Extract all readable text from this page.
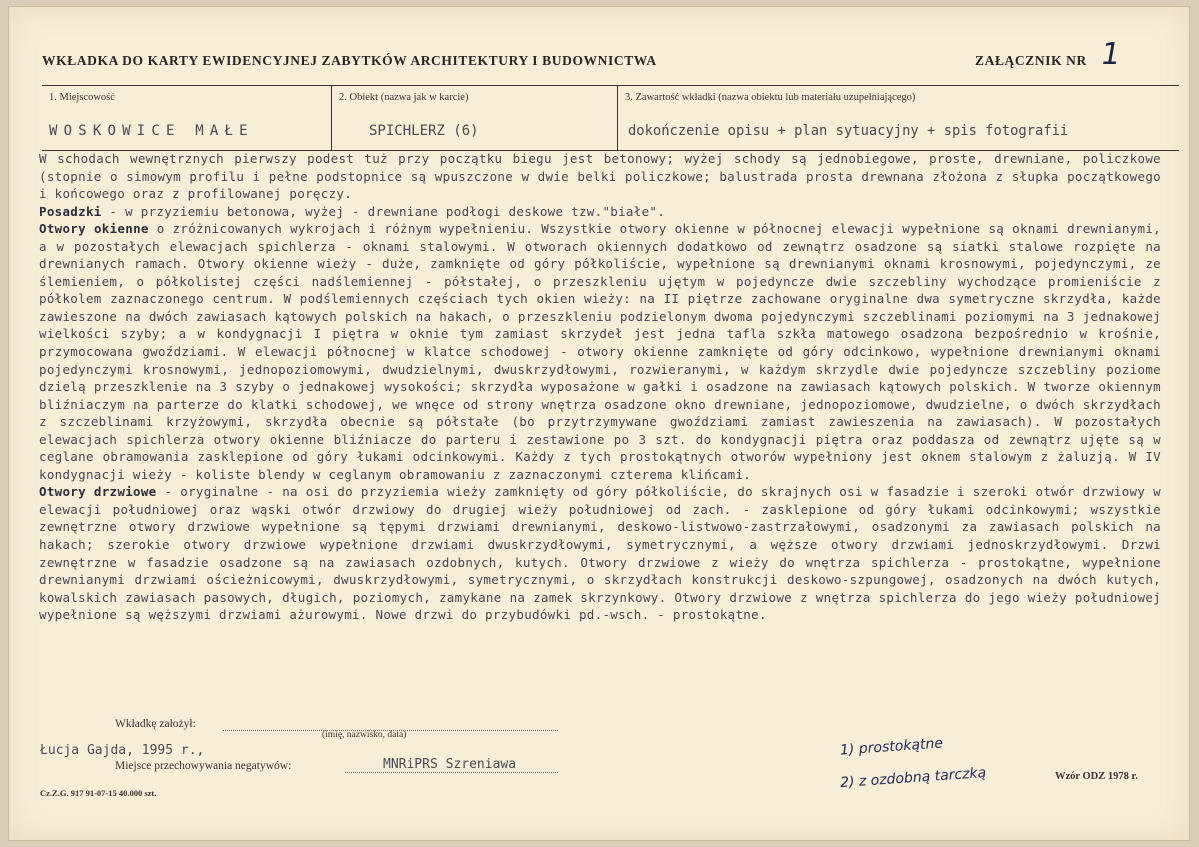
WKŁADKA DO KARTY EWIDENCYJNEJ ZABYTKÓW ARCHITEKTURY I BUDOWNICTWA	ZAŁĄCZNIK NR 1
1. Miejscowość
WOSKOWICE MAŁE
2. Obiekt (nazwa jak w karcie)
SPICHLERZ (6)
3. Zawartość wkładki (nazwa obiektu lub materiału uzupełniającego)
dokończenie opisu + plan sytuacyjny + spis fotografii

W schodach wewnętrznych pierwszy podest tuż przy początku biegu jest betonowy; wyżej schody są jednobiegowe, proste, drewniane, policzkowe (stopnie o simowym profilu i pełne podstopnice są wpuszczone w dwie belki policzkowe; balustrada prosta drewnana złożona z słupka początkowego i końcowego oraz z profilowanej poręczy.

Posadzki - w przyziemiu betonowa, wyżej - drewniane podłogi deskowe tzw."białe".

Otwory okienne o zróżnicowanych wykrojach i różnym wypełnieniu. Wszystkie otwory okienne w północnej elewacji wypełnione są oknami drewnianymi, a w pozostałych elewacjach spichlerza - oknami stalowymi. W otworach okiennych dodatkowo od zewnątrz osadzone są siatki stalowe rozpięte na drewnianych ramach. Otwory okienne wieży - duże, zamknięte od góry półkoliście, wypełnione są drewnianymi oknami krosnowymi, pojedynczymi, ze ślemieniem, o półkolistej części nadślemiennej - półstałej, o przeszkleniu ujętym w pojedyncze dwie szczebliny wychodzące promieniście z półkolem zaznaczonego centrum. W podślemiennych częściach tych okien wieży: na II piętrze zachowane oryginalne dwa symetryczne skrzydła, każde zawieszone na dwóch zawiasach kątowych polskich na hakach, o przeszkleniu podzielonym dwoma pojedynczymi szczeblinami poziomymi na 3 jednakowej wielkości szyby; a w kondygnacji I piętra w oknie tym zamiast skrzydeł jest jedna tafla szkła matowego osadzona bezpośrednio w krośnie, przymocowana gwoździami. W elewacji północnej w klatce schodowej - otwory okienne zamknięte od góry odcinkowo, wypełnione drewnianymi oknami pojedynczymi krosnowymi, jednopoziomowymi, dwudzielnymi, dwuskrzydłowymi, rozwieranymi, w każdym skrzydle dwie pojedyncze szczebliny poziome dzielą przeszklenie na 3 szyby o jednakowej wysokości; skrzydła wyposażone w gałki i osadzone na zawiasach kątowych polskich. W tworze okiennym bliźniaczym na parterze do klatki schodowej, we wnęce od strony wnętrza osadzone okno drewniane, jednopoziomowe, dwudzielne, o dwóch skrzydłach z szczeblinami krzyżowymi, skrzydła obecnie są półstałe (bo przytrzymywane gwoździami zamiast zawieszenia na zawiasach). W pozostałych elewacjach spichlerza otwory okienne bliźniacze do parteru i zestawione po 3 szt. do kondygnacji piętra oraz poddasza od zewnątrz ujęte są w ceglane obramowania zasklepione od góry łukami odcinkowymi. Każdy z tych prostokątnych otworów wypełniony jest oknem stalowym z żaluzją. W IV kondygnacji wieży - koliste blendy w ceglanym obramowaniu z zaznaczonymi czterema klińcami.

Otwory drzwiowe - oryginalne - na osi do przyziemia wieży zamknięty od góry półkoliście, do skrajnych osi w fasadzie i szeroki otwór drzwiowy w elewacji południowej oraz wąski otwór drzwiowy do drugiej wieży południowej od zach. - zasklepione od góry łukami odcinkowymi; wszystkie zewnętrzne otwory drzwiowe wypełnione są tępymi drzwiami drewnianymi, deskowo-listwowo-zastrzałowymi, osadzonymi za zawiasach polskich na hakach; szerokie otwory drzwiowe wypełnione drzwiami dwuskrzydłowymi, symetrycznymi, a węższe otwory drzwiami jednoskrzydłowymi. Drzwi zewnętrzne w fasadzie osadzone są na zawiasach ozdobnych, kutych. Otwory drzwiowe z wieży do wnętrza spichlerza - prostokątne, wypełnione drewnianymi drzwiami ościeżnicowymi, dwuskrzydłowymi, symetrycznymi, o skrzydłach konstrukcji deskowo-szpungowej, osadzonych na dwóch kutych, kowalskich zawiasach pasowych, długich, poziomych, zamykane na zamek skrzynkowy. Otwory drzwiowe z wnętrza spichlerza do jego wieży południowej wypełnione są węższymi drzwiami ażurowymi. Nowe drzwi do przybudówki pd.-wsch. - prostokątne.

Wkładkę założył:
(imię, nazwisko, data)
Łucja Gajda, 1995 r.,
Miejsce przechowywania negatywów:	MNRiPRS Szreniawa
1) prostokątne
2) z ozdobną tarczką	Wzór ODZ 1978 r.
Cz.Z.G. 917 91-07-15 40.000 szt.
